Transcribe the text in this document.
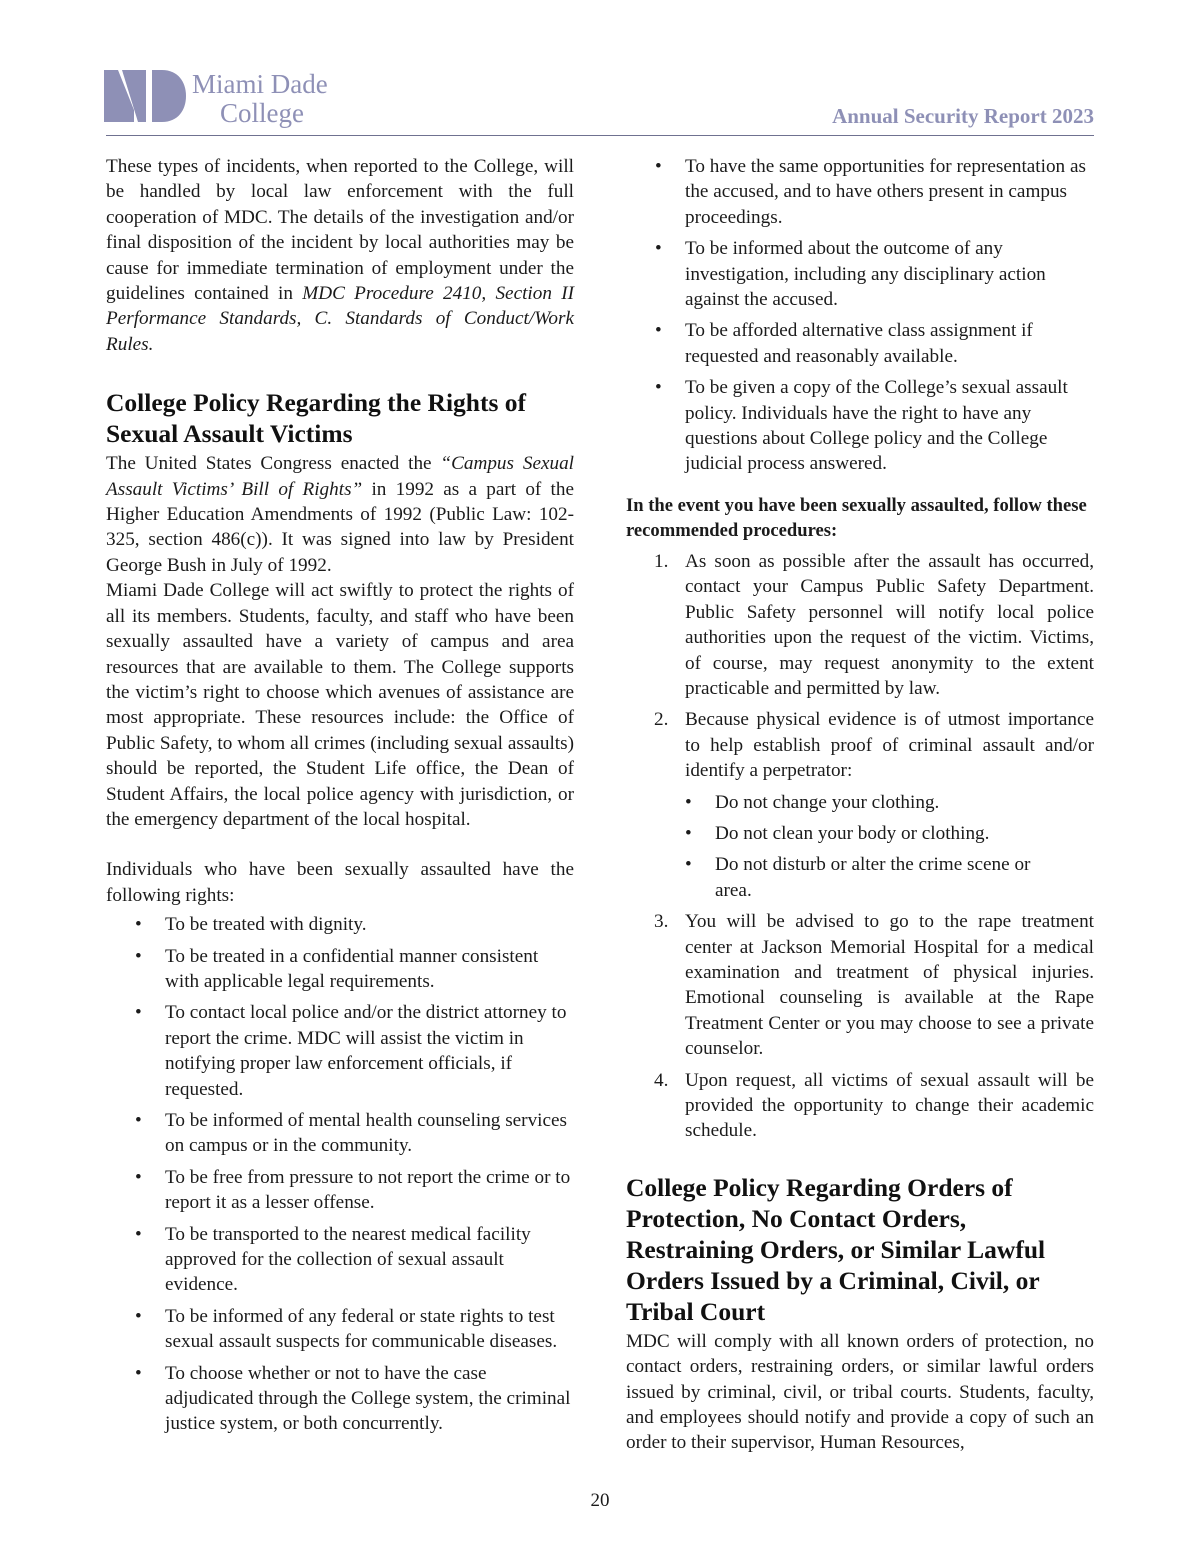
Miami Dade
College	Annual Security Report 2023

These types of incidents, when reported to the College, will be handled by local law enforcement with the full cooperation of MDC. The details of the investigation and/or final disposition of the incident by local authorities may be cause for immediate termination of employment under the guidelines contained in MDC Procedure 2410, Section II Performance Standards, C. Standards of Conduct/Work Rules.

College Policy Regarding the Rights of Sexual Assault Victims

The United States Congress enacted the “Campus Sexual Assault Victims’ Bill of Rights” in 1992 as a part of the Higher Education Amendments of 1992 (Public Law: 102- 325, section 486(c)). It was signed into law by President George Bush in July of 1992.

Miami Dade College will act swiftly to protect the rights of all its members. Students, faculty, and staff who have been sexually assaulted have a variety of campus and area resources that are available to them. The College supports the victim’s right to choose which avenues of assistance are most appropriate. These resources include: the Office of Public Safety, to whom all crimes (including sexual assaults) should be reported, the Student Life office, the Dean of Student Affairs, the local police agency with jurisdiction, or the emergency department of the local hospital.

Individuals who have been sexually assaulted have the following rights:

• To be treated with dignity.
• To be treated in a confidential manner consistent with applicable legal requirements.
• To contact local police and/or the district attorney to report the crime. MDC will assist the victim in notifying proper law enforcement officials, if requested.
• To be informed of mental health counseling services on campus or in the community.
• To be free from pressure to not report the crime or to report it as a lesser offense.
• To be transported to the nearest medical facility approved for the collection of sexual assault evidence.
• To be informed of any federal or state rights to test sexual assault suspects for communicable diseases.
• To choose whether or not to have the case adjudicated through the College system, the criminal justice system, or both concurrently.
• To have the same opportunities for representation as the accused, and to have others present in campus proceedings.
• To be informed about the outcome of any investigation, including any disciplinary action against the accused.
• To be afforded alternative class assignment if requested and reasonably available.
• To be given a copy of the College’s sexual assault policy. Individuals have the right to have any questions about College policy and the College judicial process answered.

In the event you have been sexually assaulted, follow these recommended procedures:

1. As soon as possible after the assault has occurred, contact your Campus Public Safety Department. Public Safety personnel will notify local police authorities upon the request of the victim. Victims, of course, may request anonymity to the extent practicable and permitted by law.
2. Because physical evidence is of utmost importance to help establish proof of criminal assault and/or identify a perpetrator:
• Do not change your clothing.
• Do not clean your body or clothing.
• Do not disturb or alter the crime scene or area.
3. You will be advised to go to the rape treatment center at Jackson Memorial Hospital for a medical examination and treatment of physical injuries. Emotional counseling is available at the Rape Treatment Center or you may choose to see a private counselor.
4. Upon request, all victims of sexual assault will be provided the opportunity to change their academic schedule.
College Policy Regarding Orders of Protection, No Contact Orders, Restraining Orders, or Similar Lawful Orders Issued by a Criminal, Civil, or Tribal Court

MDC will comply with all known orders of protection, no contact orders, restraining orders, or similar lawful orders issued by criminal, civil, or tribal courts. Students, faculty, and employees should notify and provide a copy of such an order to their supervisor, Human Resources,

20
